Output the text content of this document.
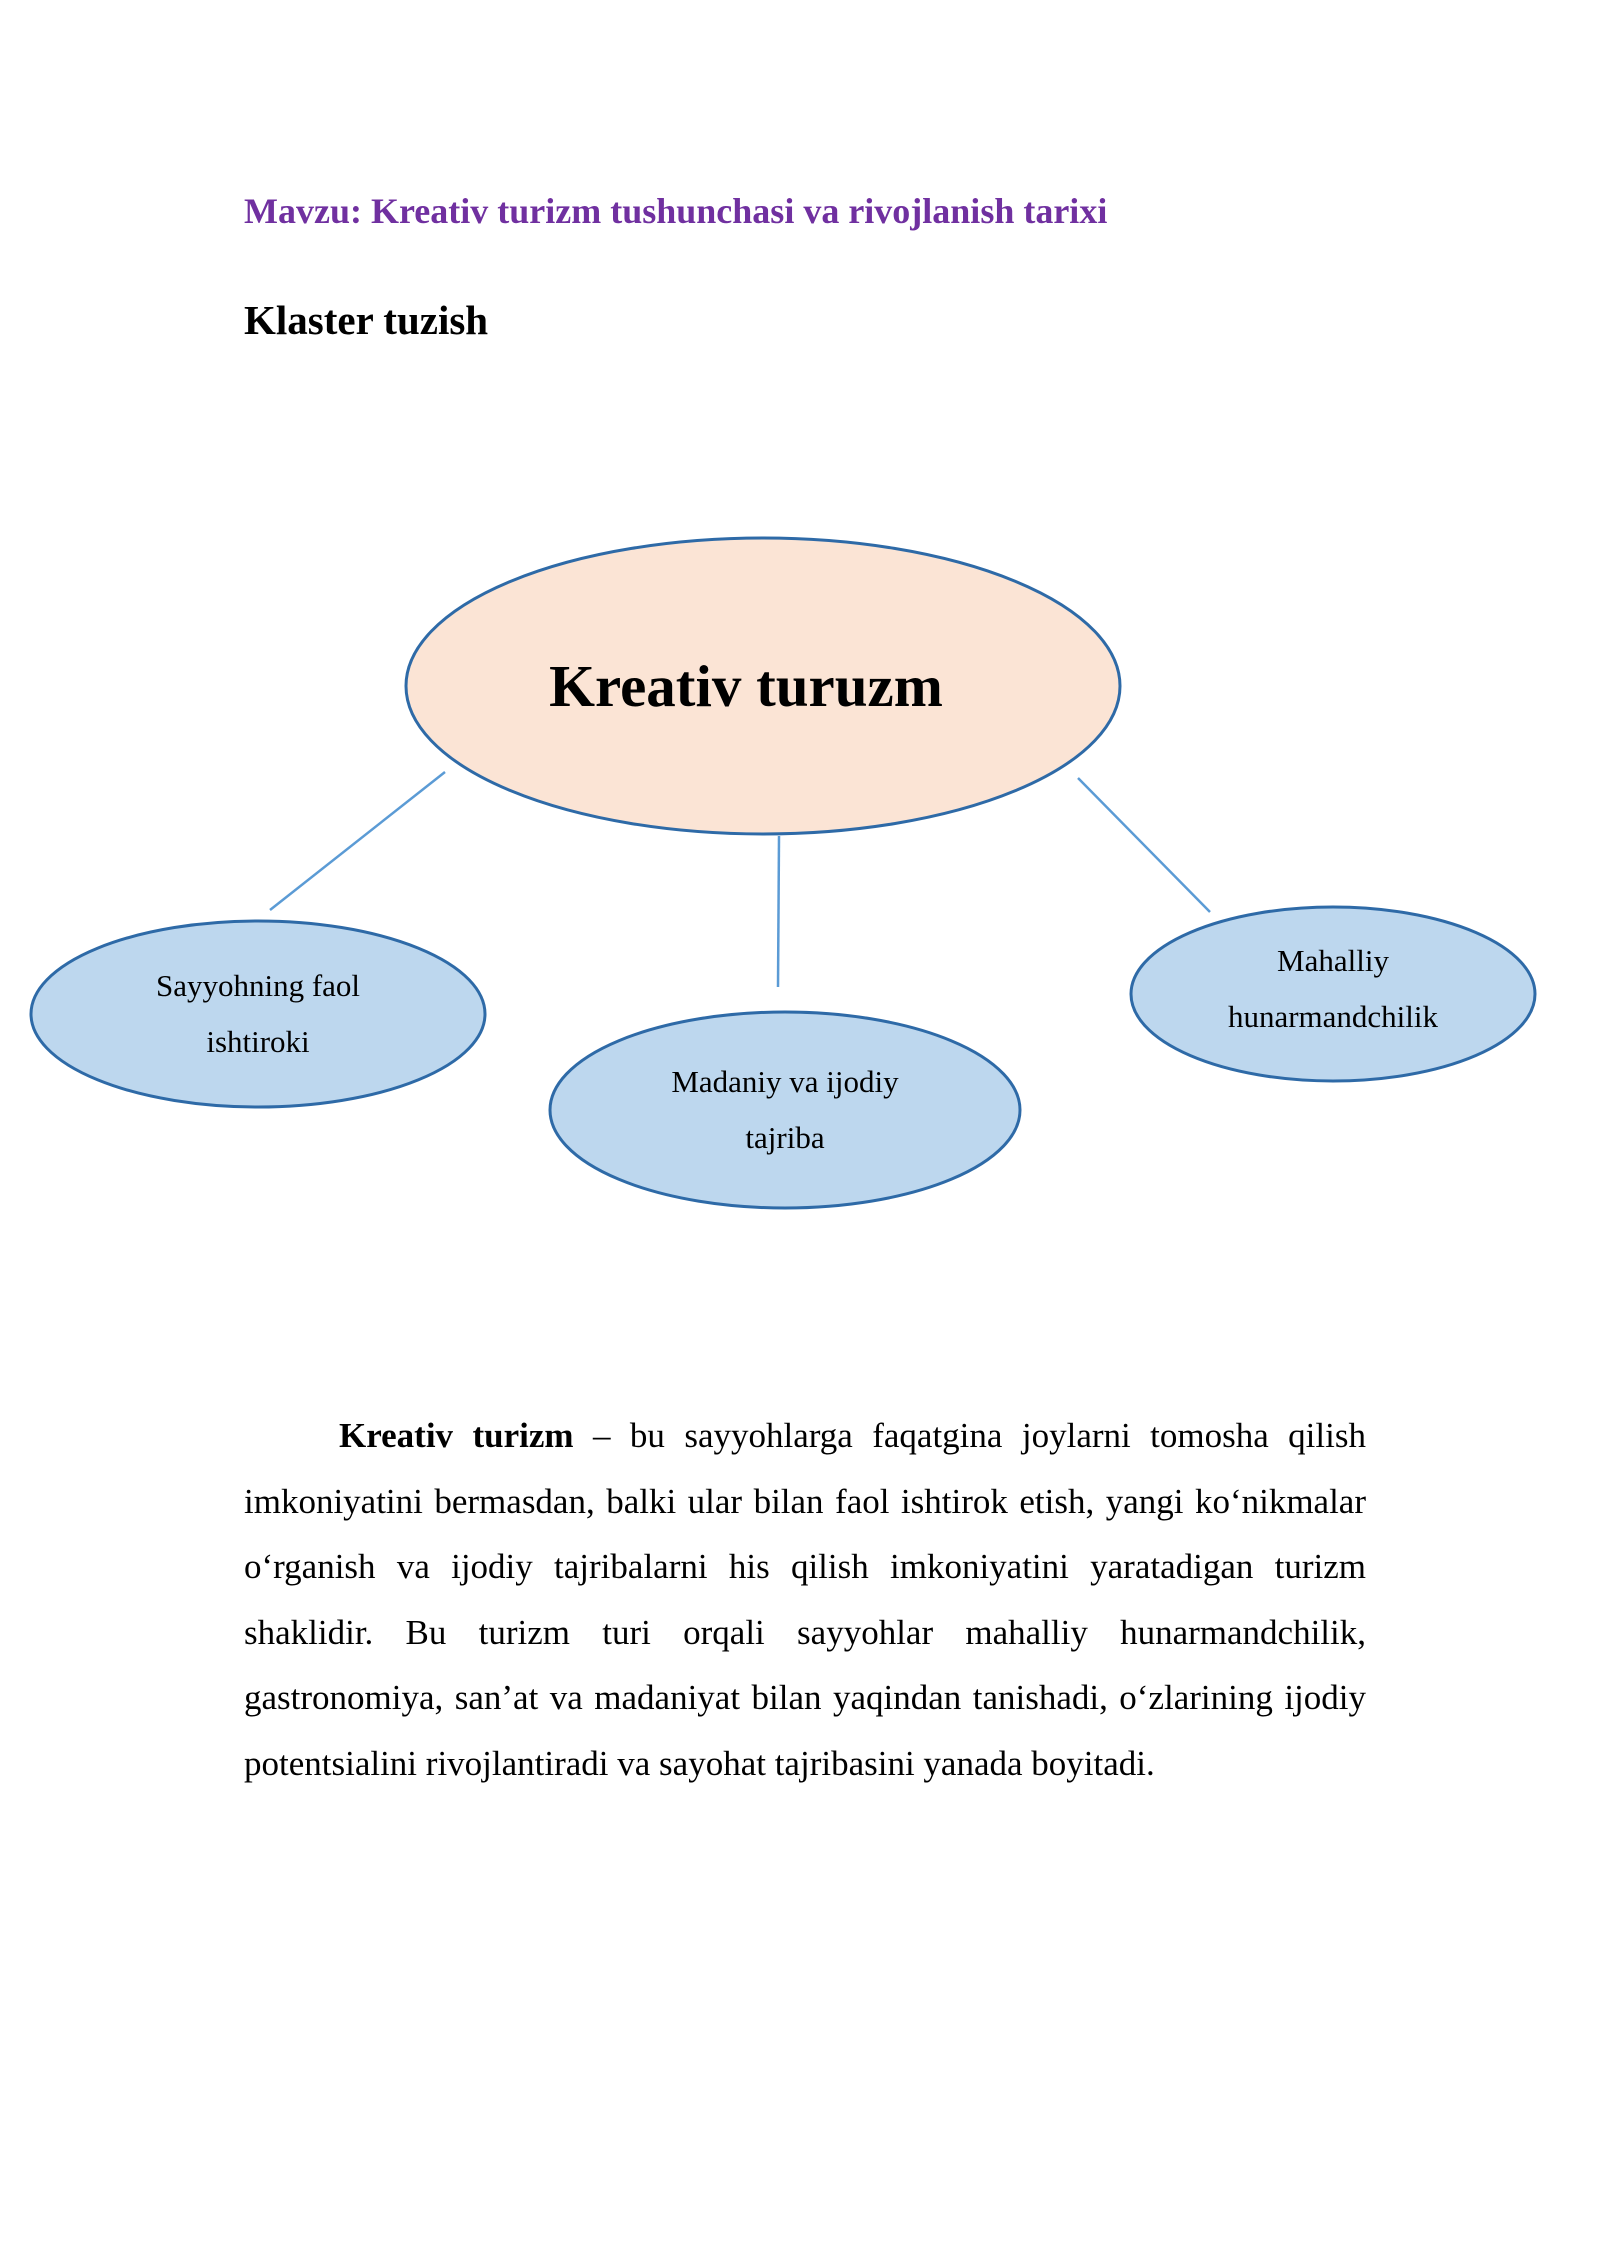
Mavzu: Kreativ turizm tushunchasi va rivojlanish tarixi
Klaster tuzish
Kreativ turuzm
Sayyohning faol
ishtiroki
Madaniy va ijodiy
tajriba
Mahalliy
hunarmandchilik

Kreativ turizm – bu sayyohlarga faqatgina joylarni tomosha qilish imkoniyatini bermasdan, balki ular bilan faol ishtirok etish, yangi ko‘nikmalar o‘rganish va ijodiy tajribalarni his qilish imkoniyatini yaratadigan turizm shaklidir. Bu turizm turi orqali sayyohlar mahalliy hunarmandchilik, gastronomiya, san’at va madaniyat bilan yaqindan tanishadi, o‘zlarining ijodiy potentsialini rivojlantiradi va sayohat tajribasini yanada boyitadi.
